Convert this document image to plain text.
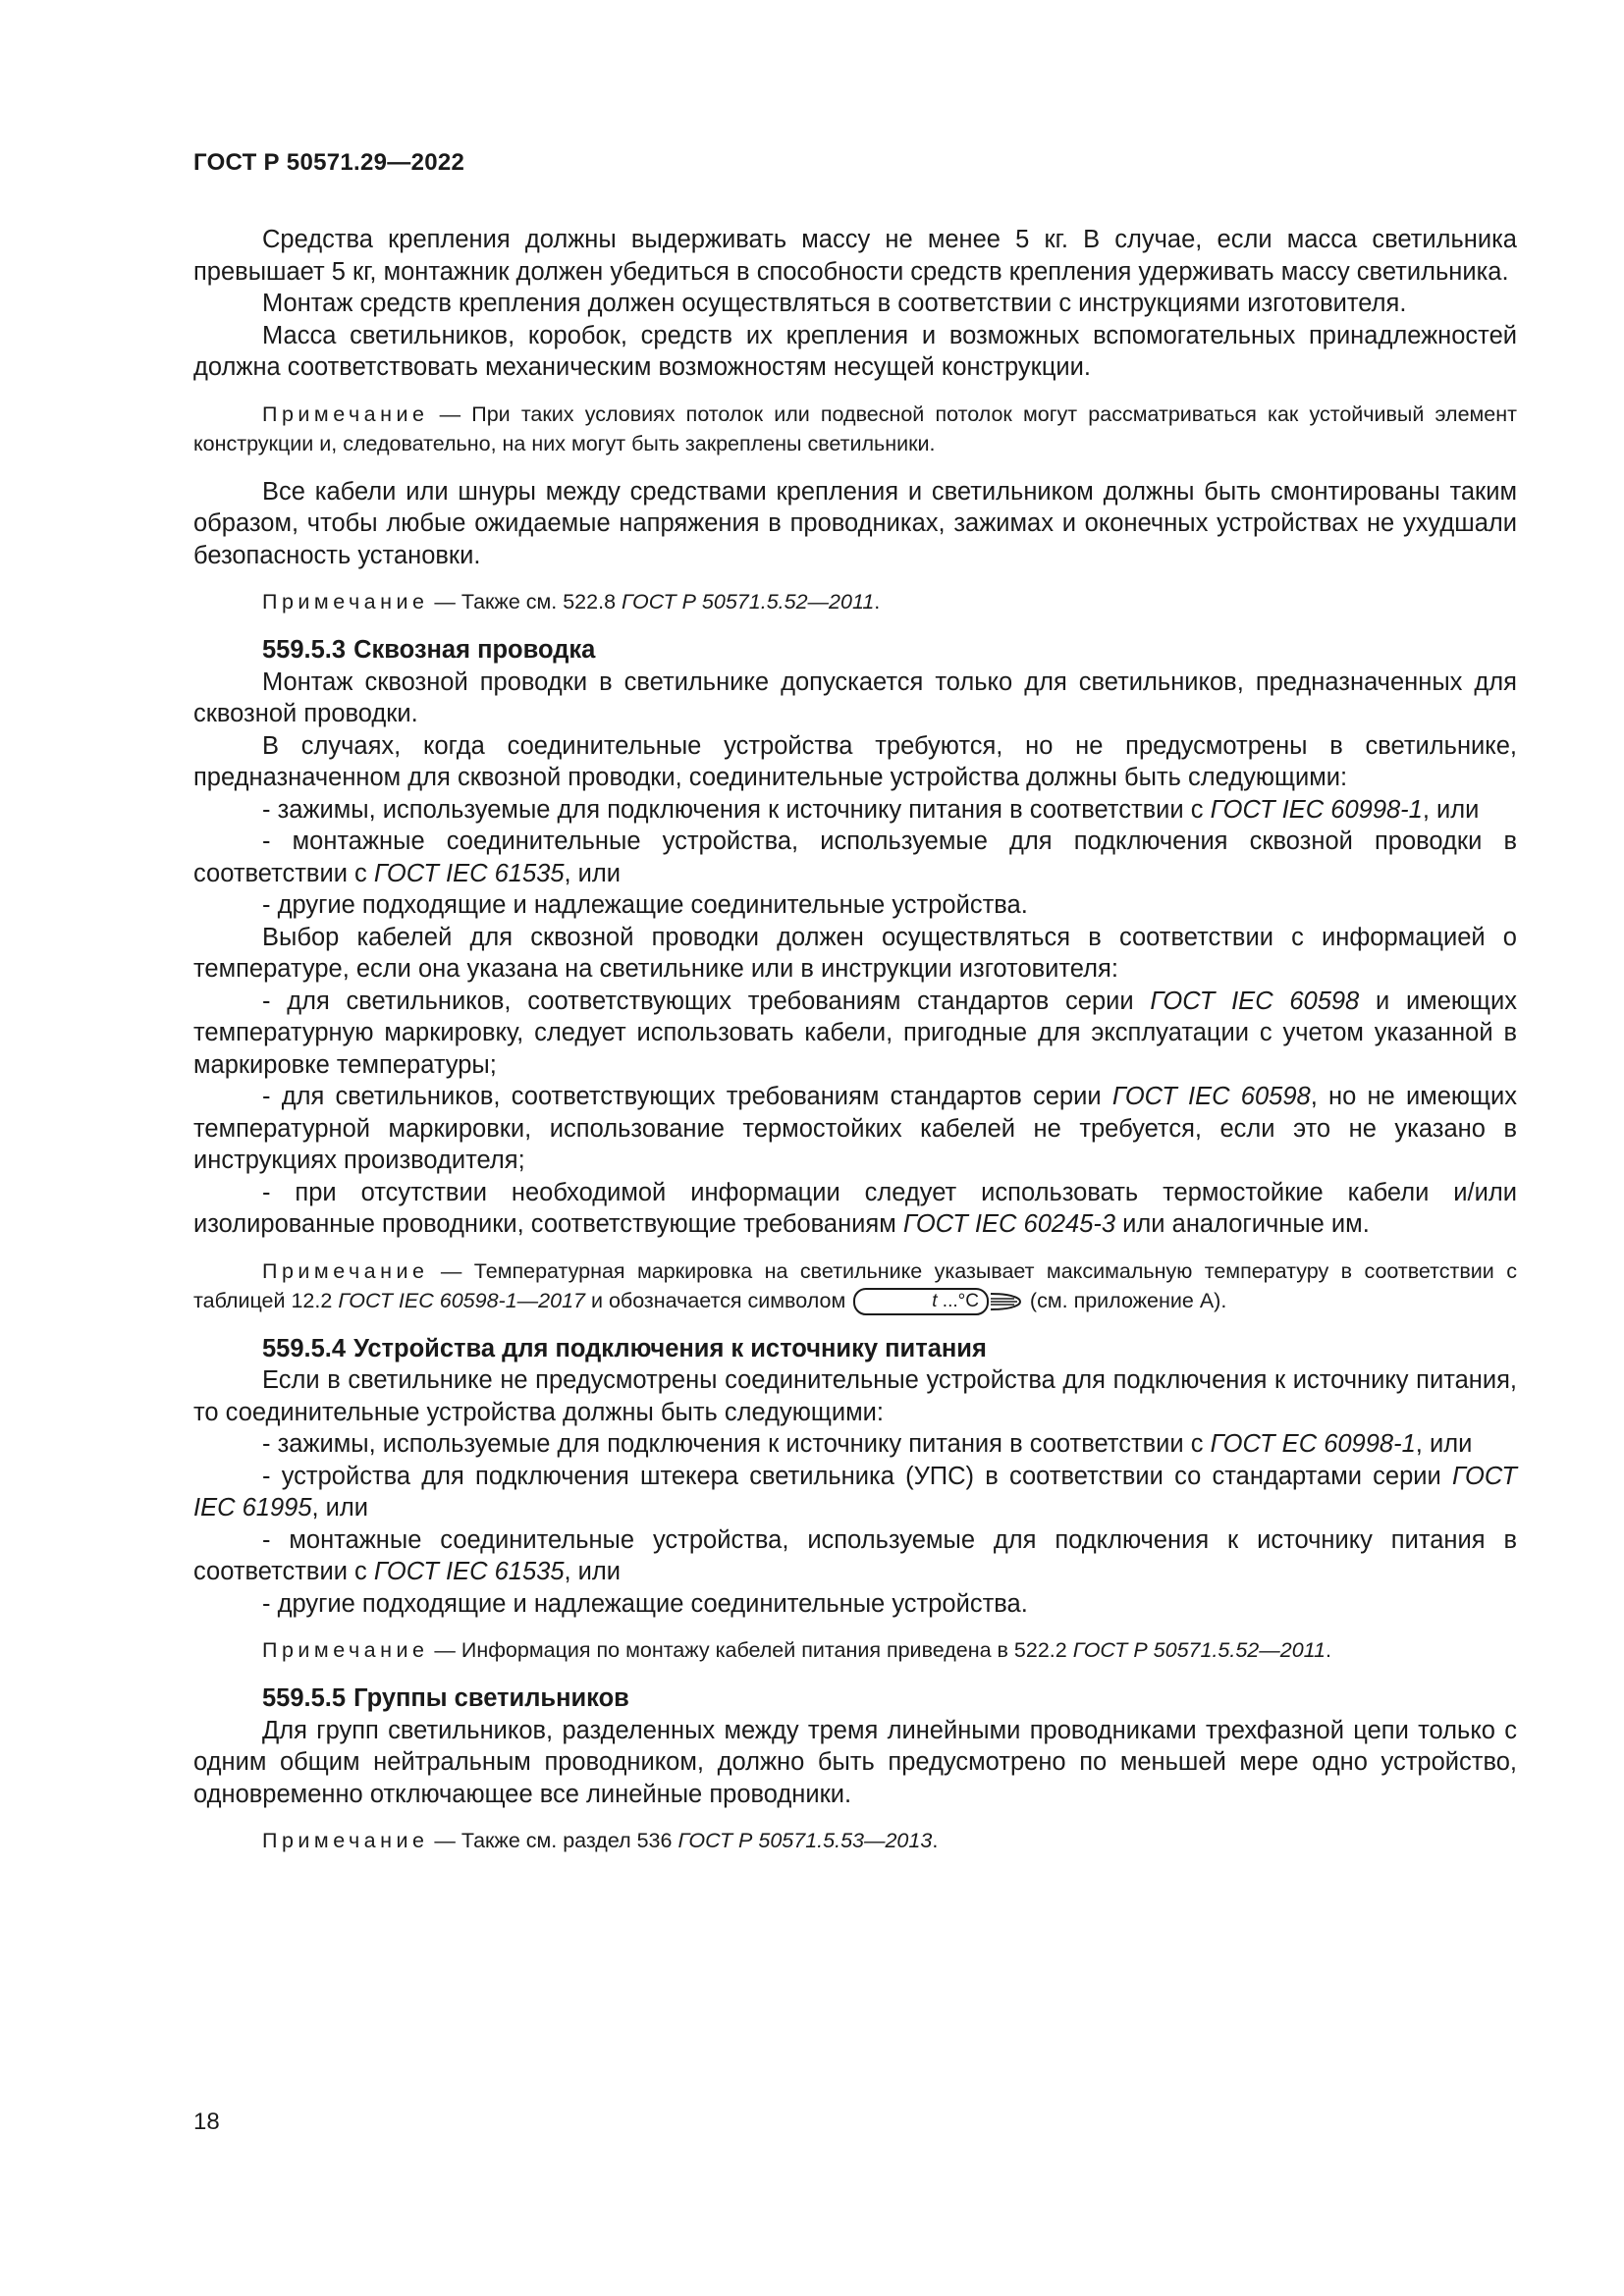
ГОСТ Р 50571.29—2022

Средства крепления должны выдерживать массу не менее 5 кг. В случае, если масса светильника превышает 5 кг, монтажник должен убедиться в способности средств крепления удерживать массу светильника.

Монтаж средств крепления должен осуществляться в соответствии с инструкциями изготовителя.

Масса светильников, коробок, средств их крепления и возможных вспомогательных принадлежностей должна соответствовать механическим возможностям несущей конструкции.

Примечание — При таких условиях потолок или подвесной потолок могут рассматриваться как устойчивый элемент конструкции и, следовательно, на них могут быть закреплены светильники.

Все кабели или шнуры между средствами крепления и светильником должны быть смонтированы таким образом, чтобы любые ожидаемые напряжения в проводниках, зажимах и оконечных устройствах не ухудшали безопасность установки.

Примечание — Также см. 522.8 ГОСТ Р 50571.5.52—2011.

559.5.3 Сквозная проводка

Монтаж сквозной проводки в светильнике допускается только для светильников, предназначенных для сквозной проводки.

В случаях, когда соединительные устройства требуются, но не предусмотрены в светильнике, предназначенном для сквозной проводки, соединительные устройства должны быть следующими:

- зажимы, используемые для подключения к источнику питания в соответствии с ГОСТ IEC 60998-1, или

- монтажные соединительные устройства, используемые для подключения сквозной проводки в соответствии с ГОСТ IEC 61535, или

- другие подходящие и надлежащие соединительные устройства.

Выбор кабелей для сквозной проводки должен осуществляться в соответствии с информацией о температуре, если она указана на светильнике или в инструкции изготовителя:

- для светильников, соответствующих требованиям стандартов серии ГОСТ IEC 60598 и имеющих температурную маркировку, следует использовать кабели, пригодные для эксплуатации с учетом указанной в маркировке температуры;

- для светильников, соответствующих требованиям стандартов серии ГОСТ IEC 60598, но не имеющих температурной маркировки, использование термостойких кабелей не требуется, если это не указано в инструкциях производителя;

- при отсутствии необходимой информации следует использовать термостойкие кабели и/или изолированные проводники, соответствующие требованиям ГОСТ IEC 60245-3 или аналогичные им.

Примечание — Температурная маркировка на светильнике указывает максимальную температуру в соответствии с таблицей 12.2 ГОСТ IEC 60598-1—2017 и обозначается символом	t ...°C	(см. приложение А).

559.5.4 Устройства для подключения к источнику питания

Если в светильнике не предусмотрены соединительные устройства для подключения к источнику питания, то соединительные устройства должны быть следующими:

- зажимы, используемые для подключения к источнику питания в соответствии с ГОСТ ЕС 60998-1, или

- устройства для подключения штекера светильника (УПС) в соответствии со стандартами серии ГОСТ IEC 61995, или

- монтажные соединительные устройства, используемые для подключения к источнику питания в соответствии с ГОСТ IEC 61535, или

- другие подходящие и надлежащие соединительные устройства.

Примечание — Информация по монтажу кабелей питания приведена в 522.2 ГОСТ Р 50571.5.52—2011.

559.5.5 Группы светильников

Для групп светильников, разделенных между тремя линейными проводниками трехфазной цепи только с одним общим нейтральным проводником, должно быть предусмотрено по меньшей мере одно устройство, одновременно отключающее все линейные проводники.

Примечание — Также см. раздел 536 ГОСТ Р 50571.5.53—2013.

18
